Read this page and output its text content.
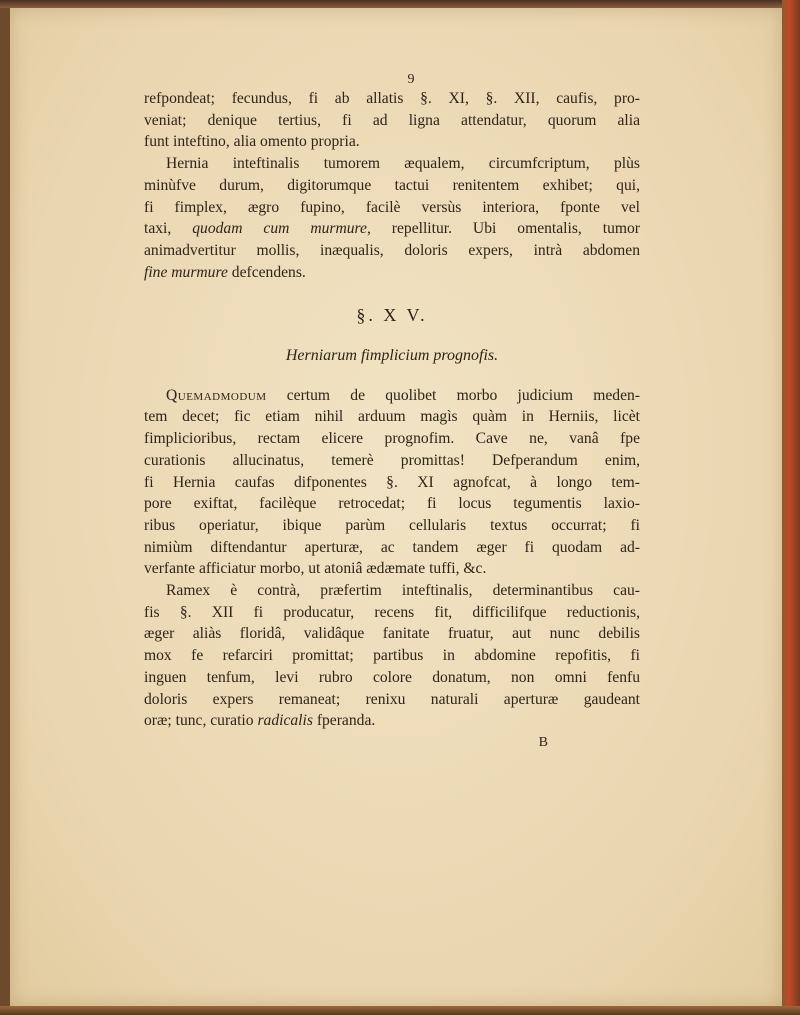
9
refpondeat; fecundus, fi ab allatis §. XI, §. XII, caufis, pro-
veniat; denique tertius, fi ad ligna attendatur, quorum alia
funt inteftino, alia omento propria.
Hernia inteftinalis tumorem æqualem, circumfcriptum, plùs
minùfve durum, digitorumque tactui renitentem exhibet; qui,
fi fimplex, ægro fupino, facilè versùs interiora, fponte vel
taxi, quodam cum murmure, repellitur. Ubi omentalis, tumor
animadvertitur mollis, inæqualis, doloris expers, intrà abdomen
fine murmure defcendens.
§. X V.
Herniarum fimplicium prognofis.
Quemadmodum certum de quolibet morbo judicium meden-
tem decet; fic etiam nihil arduum magìs quàm in Herniis, licèt
fimplicioribus, rectam elicere prognofim. Cave ne, vanâ fpe
curationis allucinatus, temerè promittas! Defperandum enim,
fi Hernia caufas difponentes §. XI agnofcat, à longo tem-
pore exiftat, facilèque retrocedat; fi locus tegumentis laxio-
ribus operiatur, ibique parùm cellularis textus occurrat; fi
nimiùm diftendantur aperturæ, ac tandem æger fi quodam ad-
verfante afficiatur morbo, ut atoniâ ædæmate tuffi, &c.
Ramex è contrà, præfertim inteftinalis, determinantibus cau-
fis §. XII fi producatur, recens fit, difficilifque reductionis,
æger aliàs floridâ, validâque fanitate fruatur, aut nunc debilis
mox fe refarciri promittat; partibus in abdomine repofitis, fi
inguen tenfum, levi rubro colore donatum, non omni fenfu
doloris expers remaneat; renixu naturali aperturæ gaudeant
oræ; tunc, curatio radicalis fperanda.
B
